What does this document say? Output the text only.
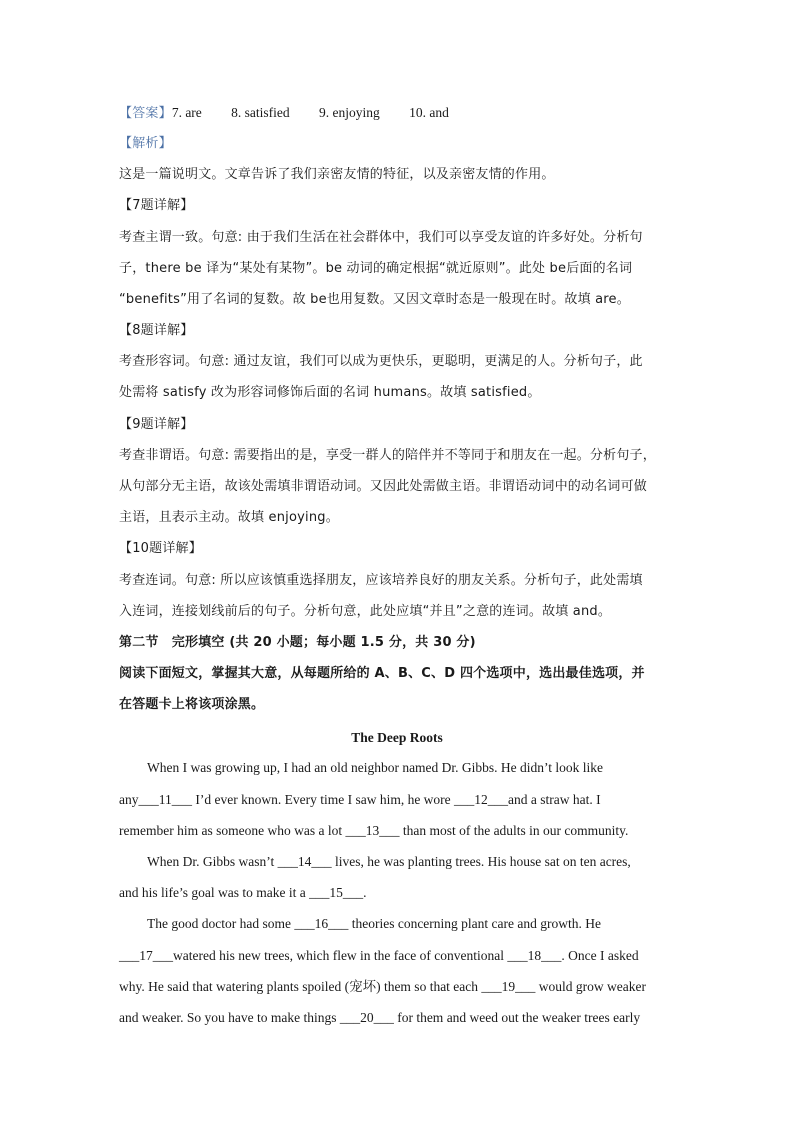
【答案】7. are 8. satisfied 9. enjoying 10. and
【解析】
这是一篇说明文。文章告诉了我们亲密友情的特征，以及亲密友情的作用。
【7题详解】
考查主谓一致。句意: 由于我们生活在社会群体中，我们可以享受友谊的许多好处。分析句
子，there be 译为“某处有某物”。be 动词的确定根据“就近原则”。此处 be后面的名词
“benefits”用了名词的复数。故 be也用复数。又因文章时态是一般现在时。故填 are。
【8题详解】
考查形容词。句意: 通过友谊，我们可以成为更快乐，更聪明，更满足的人。分析句子，此
处需将 satisfy 改为形容词修饰后面的名词 humans。故填 satisfied。
【9题详解】
考查非谓语。句意: 需要指出的是，享受一群人的陪伴并不等同于和朋友在一起。分析句子，
从句部分无主语，故该处需填非谓语动词。又因此处需做主语。非谓语动词中的动名词可做
主语，且表示主动。故填 enjoying。
【10题详解】
考查连词。句意: 所以应该慎重选择朋友，应该培养良好的朋友关系。分析句子，此处需填
入连词，连接划线前后的句子。分析句意，此处应填“并且”之意的连词。故填 and。
第二节　完形填空 (共 20 小题；每小题 1.5 分，共 30 分)
阅读下面短文，掌握其大意，从每题所给的 A、B、C、D 四个选项中，选出最佳选项，并
在答题卡上将该项涂黑。
The Deep Roots
When I was growing up, I had an old neighbor named Dr. Gibbs. He didn’t look like
any___11___ I’d ever known. Every time I saw him, he wore ___12___and a straw hat. I
remember him as someone who was a lot ___13___ than most of the adults in our community.
When Dr. Gibbs wasn’t ___14___ lives, he was planting trees. His house sat on ten acres,
and his life’s goal was to make it a ___15___.
The good doctor had some ___16___ theories concerning plant care and growth. He
___17___watered his new trees, which flew in the face of conventional ___18___. Once I asked
why. He said that watering plants spoiled (宠坏) them so that each ___19___ would grow weaker
and weaker. So you have to make things ___20___ for them and weed out the weaker trees early
